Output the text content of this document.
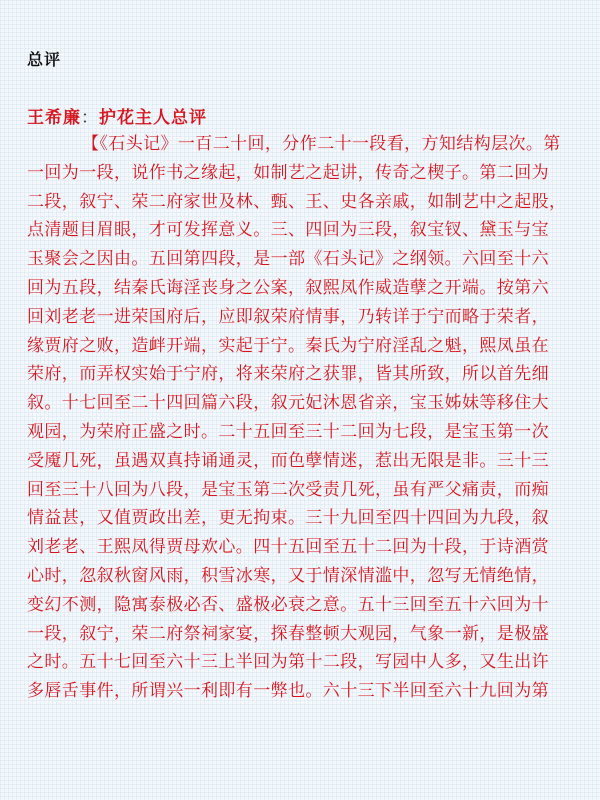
总评
王希廉：护花主人总评
【《石头记》一百二十回，分作二十一段看，方知结构层次。第
一回为一段，说作书之缘起，如制艺之起讲，传奇之楔子。第二回为
二段，叙宁、荣二府家世及林、甄、王、史各亲戚，如制艺中之起股，
点清题目眉眼，才可发挥意义。三、四回为三段，叙宝钗、黛玉与宝
玉聚会之因由。五回第四段，是一部《石头记》之纲领。六回至十六
回为五段，结秦氏诲淫丧身之公案，叙熙凤作威造孽之开端。按第六
回刘老老一进荣国府后，应即叙荣府情事，乃转详于宁而略于荣者，
缘贾府之败，造衅开端，实起于宁。秦氏为宁府淫乱之魁，熙凤虽在
荣府，而弄权实始于宁府，将来荣府之获罪，皆其所致，所以首先细
叙。十七回至二十四回篇六段，叙元妃沐恩省亲，宝玉姊妹等移住大
观园，为荣府正盛之时。二十五回至三十二回为七段，是宝玉第一次
受魇几死，虽遇双真持诵通灵，而色孽情迷，惹出无限是非。三十三
回至三十八回为八段，是宝玉第二次受责几死，虽有严父痛责，而痴
情益甚，又值贾政出差，更无拘束。三十九回至四十四回为九段，叙
刘老老、王熙凤得贾母欢心。四十五回至五十二回为十段，于诗酒赏
心时，忽叙秋窗风雨，积雪冰寒，又于情深情滥中，忽写无情绝情，
变幻不测，隐寓泰极必否、盛极必衰之意。五十三回至五十六回为十
一段，叙宁，荣二府祭祠家宴，探春整顿大观园，气象一新，是极盛
之时。五十七回至六十三上半回为第十二段，写园中人多，又生出许
多唇舌事件，所谓兴一利即有一弊也。六十三下半回至六十九回为第
